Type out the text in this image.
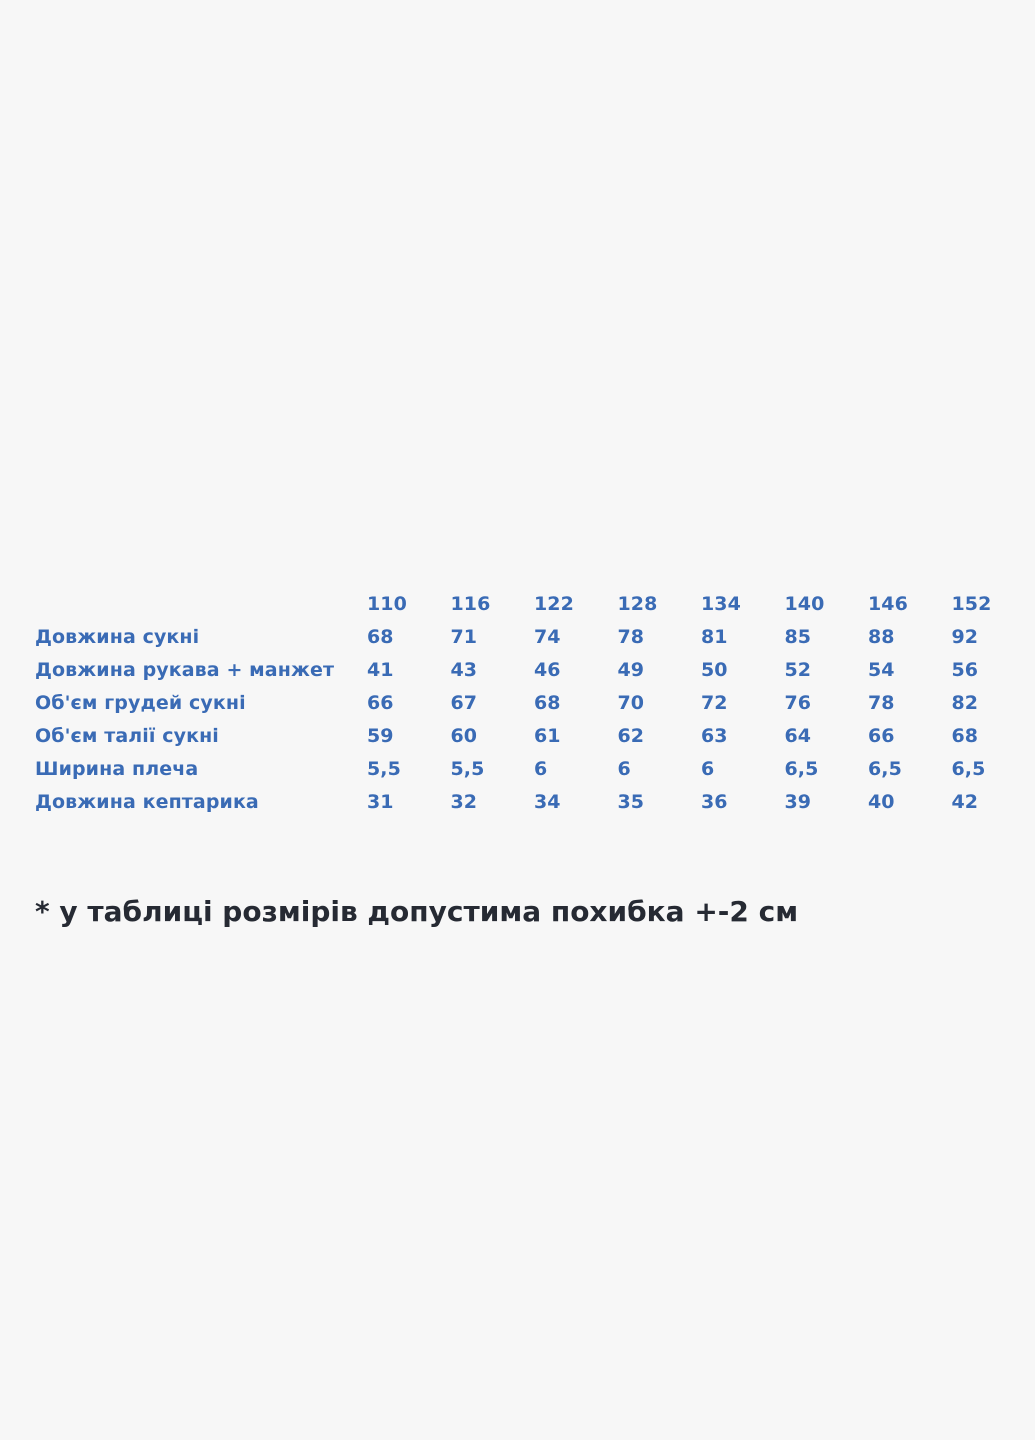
	110	116	122	128	134	140	146	152
Довжина сукні	68	71	74	78	81	85	88	92
Довжина рукава + манжет	41	43	46	49	50	52	54	56
Об'єм грудей сукні	66	67	68	70	72	76	78	82
Об'єм талії сукні	59	60	61	62	63	64	66	68
Ширина плеча	5,5	5,5	6	6	6	6,5	6,5	6,5
Довжина кептарика	31	32	34	35	36	39	40	42

* у таблиці розмірів допустима похибка +-2 см
